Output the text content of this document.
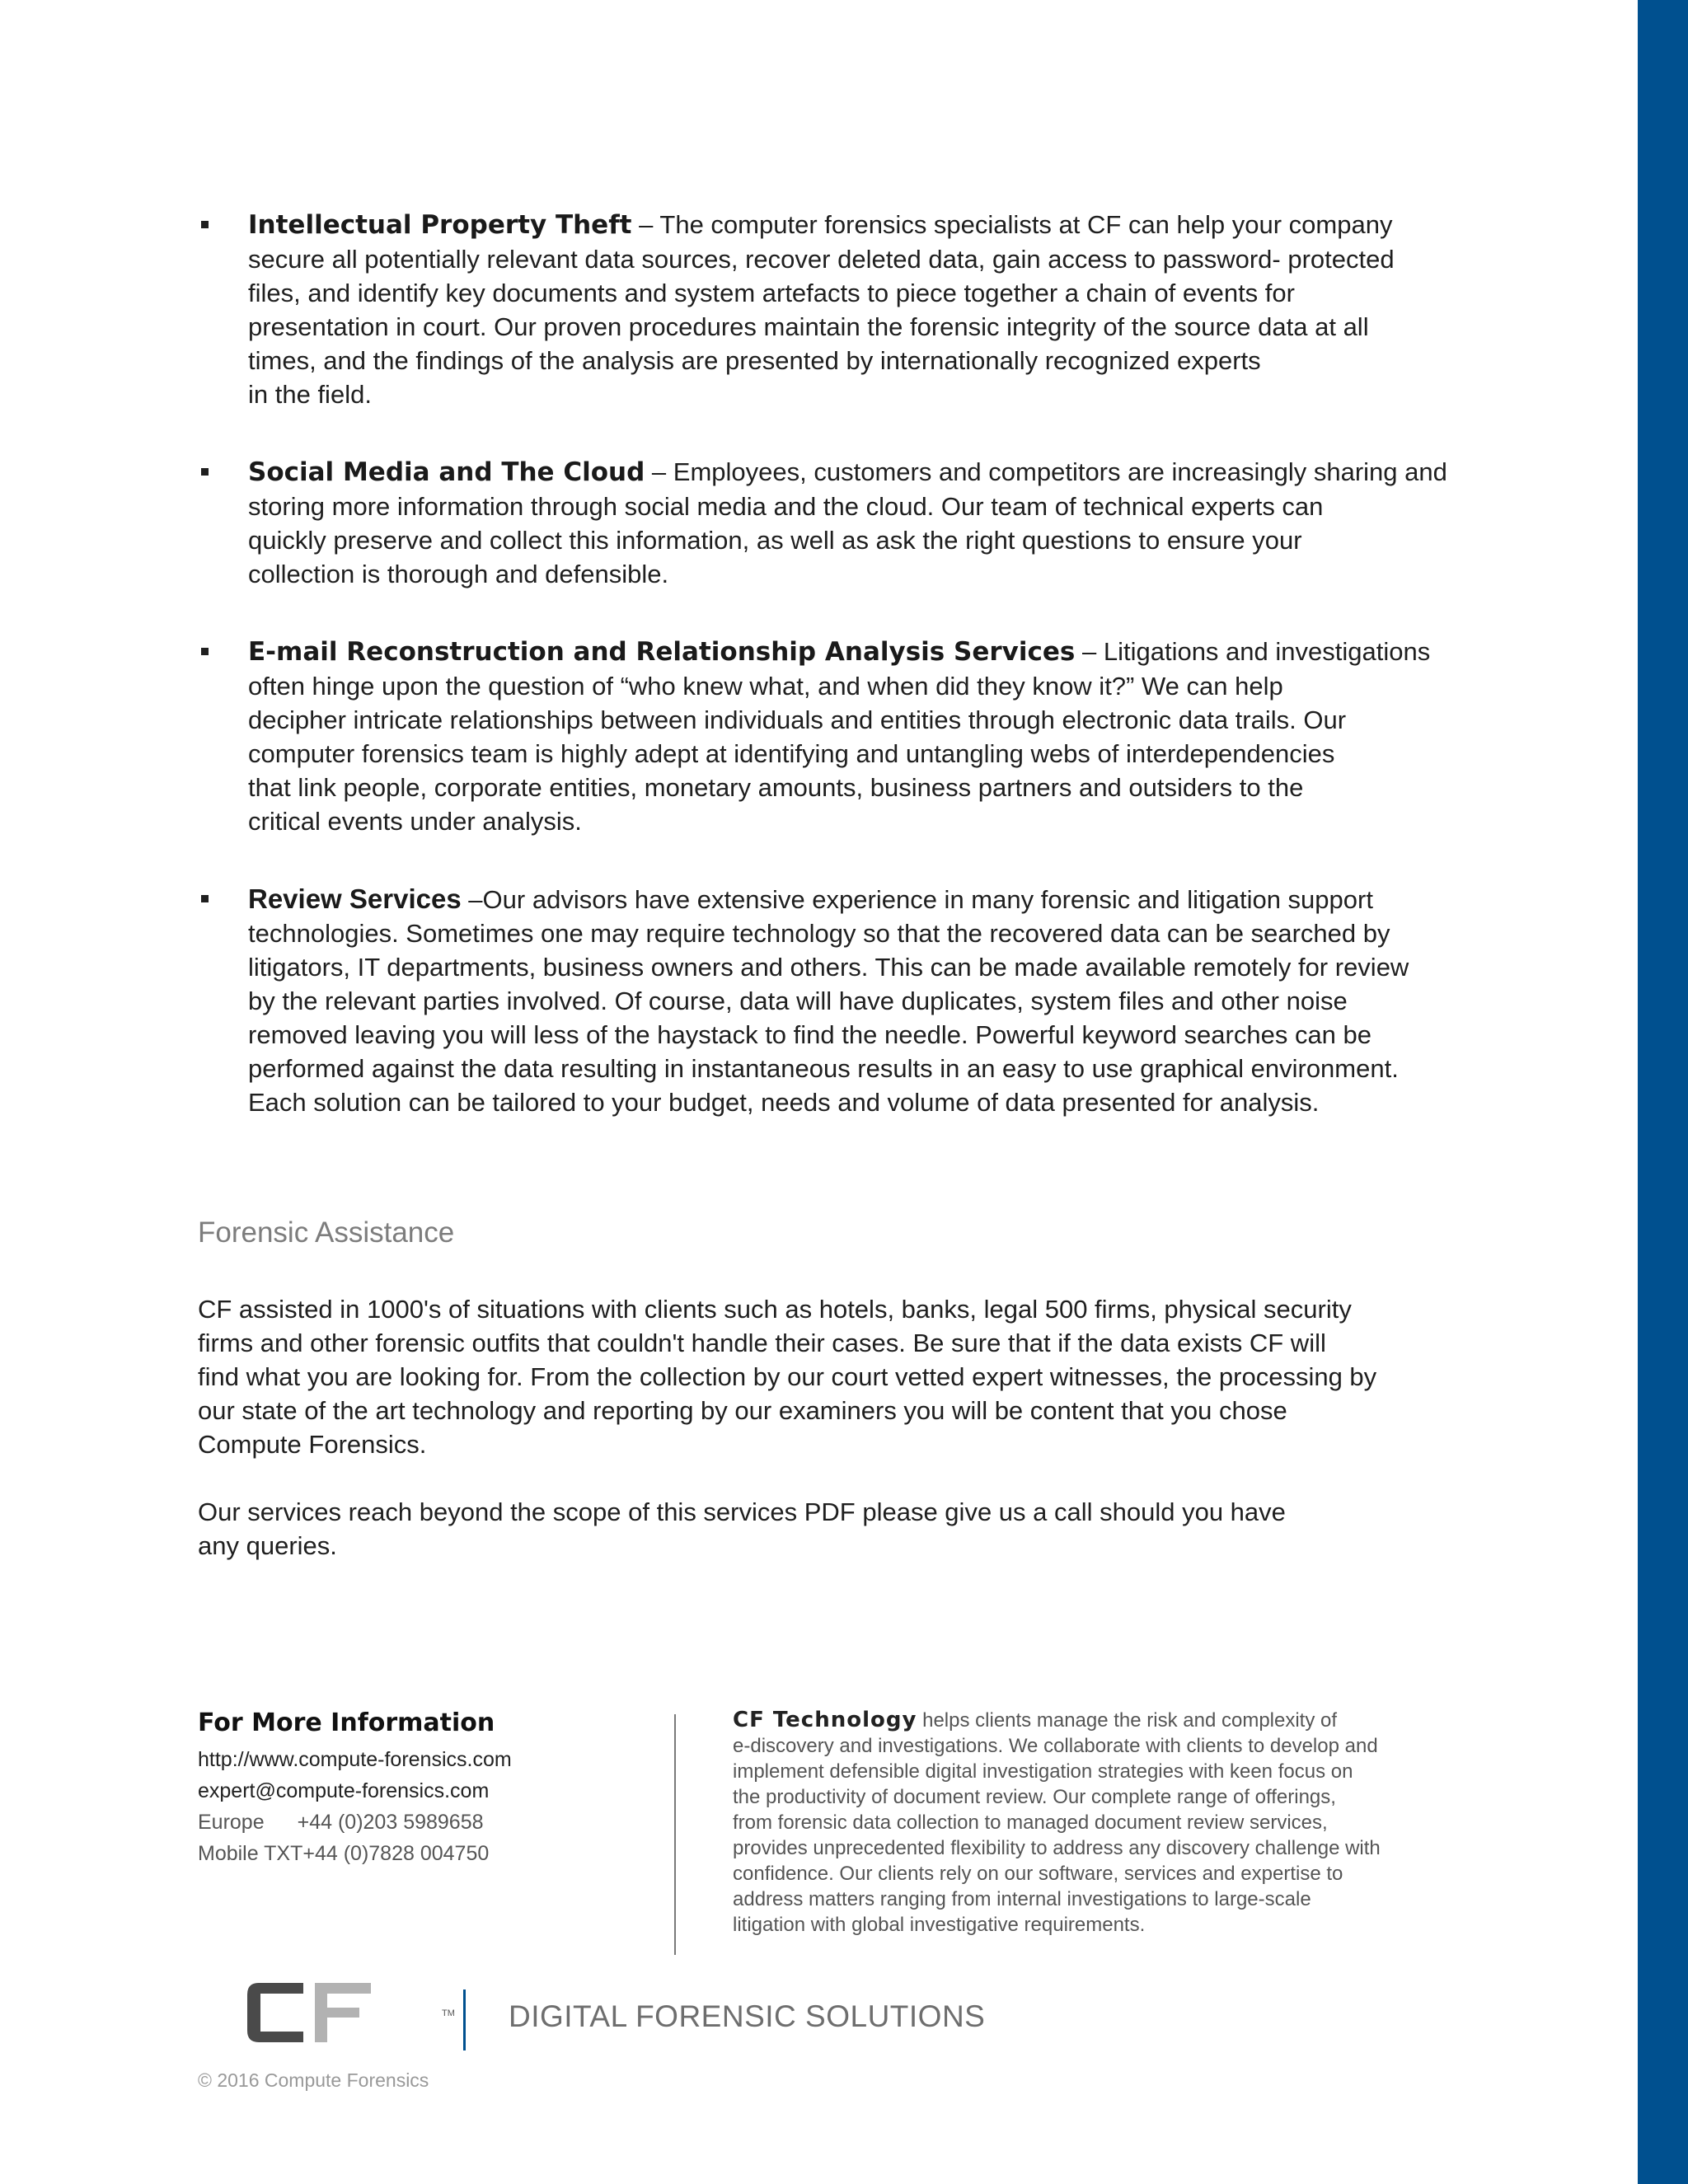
Intellectual Property Theft – The computer forensics specialists at CF can help your company
secure all potentially relevant data sources, recover deleted data, gain access to password- protected
files, and identify key documents and system artefacts to piece together a chain of events for
presentation in court. Our proven procedures maintain the forensic integrity of the source data at all
times, and the findings of the analysis are presented by internationally recognized experts
in the field.
Social Media and The Cloud – Employees, customers and competitors are increasingly sharing and
storing more information through social media and the cloud. Our team of technical experts can
quickly preserve and collect this information, as well as ask the right questions to ensure your
collection is thorough and defensible.
E-mail Reconstruction and Relationship Analysis Services – Litigations and investigations
often hinge upon the question of “who knew what, and when did they know it?” We can help
decipher intricate relationships between individuals and entities through electronic data trails. Our
computer forensics team is highly adept at identifying and untangling webs of interdependencies
that link people, corporate entities, monetary amounts, business partners and outsiders to the
critical events under analysis.
Review Services –Our advisors have extensive experience in many forensic and litigation support
technologies. Sometimes one may require technology so that the recovered data can be searched by
litigators, IT departments, business owners and others. This can be made available remotely for review
by the relevant parties involved. Of course, data will have duplicates, system files and other noise
removed leaving you will less of the haystack to find the needle. Powerful keyword searches can be
performed against the data resulting in instantaneous results in an easy to use graphical environment.
Each solution can be tailored to your budget, needs and volume of data presented for analysis.
Forensic Assistance

CF assisted in 1000's of situations with clients such as hotels, banks, legal 500 firms, physical security
firms and other forensic outfits that couldn't handle their cases. Be sure that if the data exists CF will
find what you are looking for. From the collection by our court vetted expert witnesses, the processing by
our state of the art technology and reporting by our examiners you will be content that you chose
Compute Forensics.

Our services reach beyond the scope of this services PDF please give us a call should you have
any queries.

For More Information
http://www.compute-forensics.com
expert@compute-forensics.com
Europe +44 (0)203 5989658
Mobile TXT+44 (0)7828 004750
CF Technology helps clients manage the risk and complexity of
e-discovery and investigations. We collaborate with clients to develop and
implement defensible digital investigation strategies with keen focus on
the productivity of document review. Our complete range of offerings,
from forensic data collection to managed document review services,
provides unprecedented flexibility to address any discovery challenge with
confidence. Our clients rely on our software, services and expertise to
address matters ranging from internal investigations to large-scale
litigation with global investigative requirements.
TM DIGITAL FORENSIC SOLUTIONS
© 2016 Compute Forensics
